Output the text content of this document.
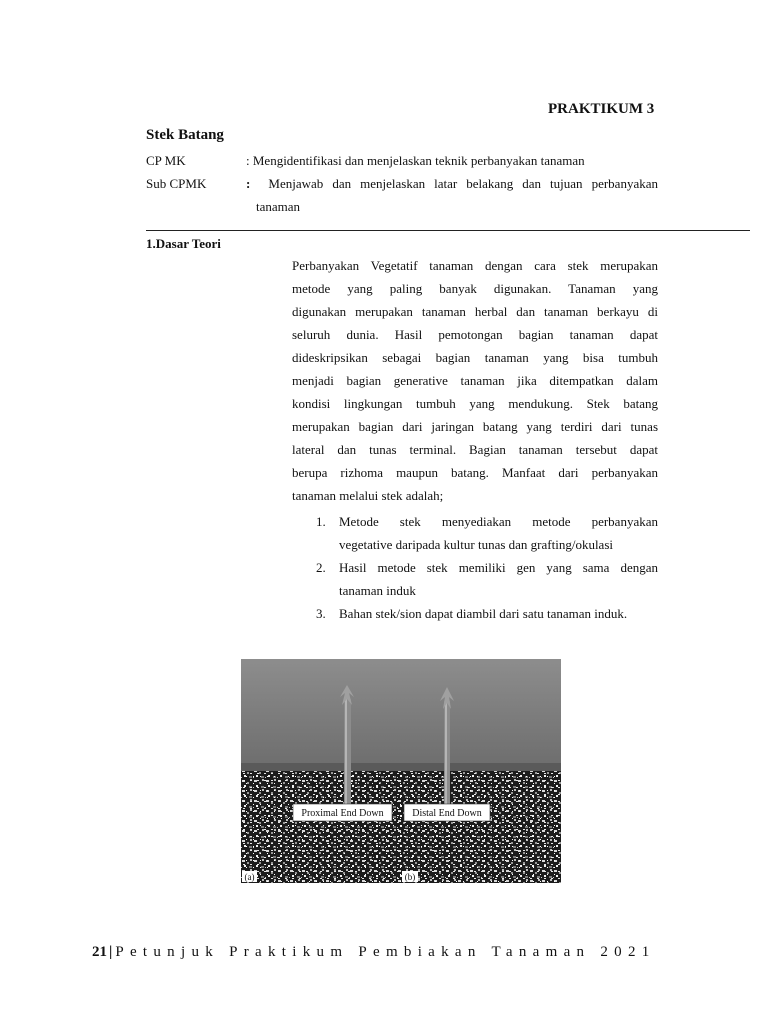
PRAKTIKUM 3
Stek Batang
CP MK	: Mengidentifikasi dan menjelaskan teknik perbanyakan tanaman
Sub CPMK	: Menjawab dan menjelaskan latar belakang dan tujuan perbanyakan
tanaman
1.Dasar Teori
Perbanyakan Vegetatif tanaman dengan cara stek merupakan
metode yang paling banyak digunakan. Tanaman yang
digunakan merupakan tanaman herbal dan tanaman berkayu di
seluruh dunia. Hasil pemotongan bagian tanaman dapat
dideskripsikan sebagai bagian tanaman yang bisa tumbuh
menjadi bagian generative tanaman jika ditempatkan dalam
kondisi lingkungan tumbuh yang mendukung. Stek batang
merupakan bagian dari jaringan batang yang terdiri dari tunas
lateral dan tunas terminal. Bagian tanaman tersebut dapat
berupa rizhoma maupun batang. Manfaat dari perbanyakan
tanaman melalui stek adalah;
1.	Metode stek menyediakan metode perbanyakan
vegetative daripada kultur tunas dan grafting/okulasi
2.	Hasil metode stek memiliki gen yang sama dengan
tanaman induk
3.	Bahan stek/sion dapat diambil dari satu tanaman induk.
Proximal End Down	Distal End Down
(a)	(b)
21 | Petunjuk Praktikum Pembiakan Tanaman 2021
